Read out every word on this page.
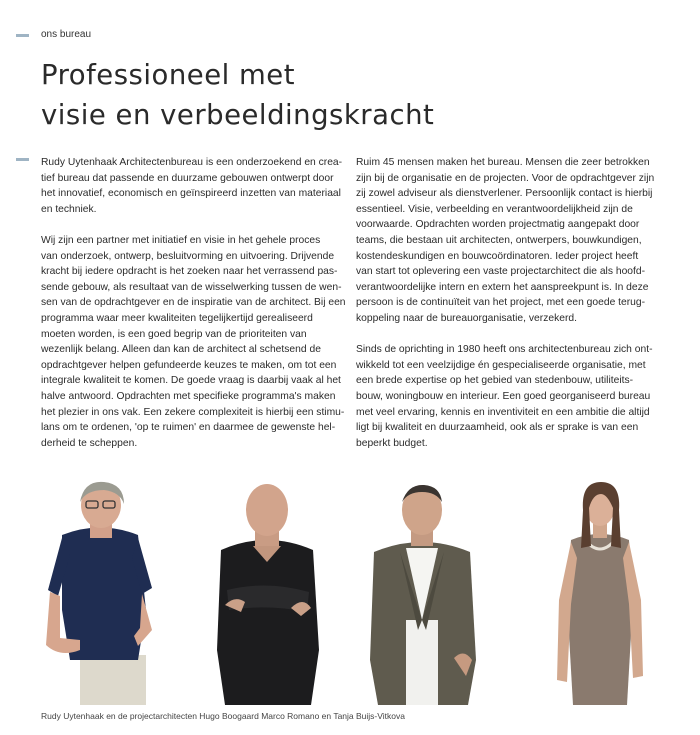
ons bureau
Professioneel met
visie en verbeeldingskracht
Rudy Uytenhaak Architectenbureau is een onderzoekend en crea-
tief bureau dat passende en duurzame gebouwen ontwerpt door
het innovatief, economisch en geïnspireerd inzetten van materiaal
en techniek.
Wij zijn een partner met initiatief en visie in het gehele proces
van onderzoek, ontwerp, besluitvorming en uitvoering. Drijvende
kracht bij iedere opdracht is het zoeken naar het verrassend pas-
sende gebouw, als resultaat van de wisselwerking tussen de wen-
sen van de opdrachtgever en de inspiratie van de architect. Bij een
programma waar meer kwaliteiten tegelijkertijd gerealiseerd
moeten worden, is een goed begrip van de prioriteiten van
wezenlijk belang. Alleen dan kan de architect al schetsend de
opdrachtgever helpen gefundeerde keuzes te maken, om tot een
integrale kwaliteit te komen. De goede vraag is daarbij vaak al het
halve antwoord. Opdrachten met specifieke programma's maken
het plezier in ons vak. Een zekere complexiteit is hierbij een stimu-
lans om te ordenen, 'op te ruimen' en daarmee de gewenste hel-
derheid te scheppen.
Ruim 45 mensen maken het bureau. Mensen die zeer betrokken
zijn bij de organisatie en de projecten. Voor de opdrachtgever zijn
zij zowel adviseur als dienstverlener. Persoonlijk contact is hierbij
essentieel. Visie, verbeelding en verantwoordelijkheid zijn de
voorwaarde. Opdrachten worden projectmatig aangepakt door
teams, die bestaan uit architecten, ontwerpers, bouwkundigen,
kostendeskundigen en bouwcoördinatoren. Ieder project heeft
van start tot oplevering een vaste projectarchitect die als hoofd-
verantwoordelijke intern en extern het aanspreekpunt is. In deze
persoon is de continuïteit van het project, met een goede terug-
koppeling naar de bureauorganisatie, verzekerd.
Sinds de oprichting in 1980 heeft ons architectenbureau zich ont-
wikkeld tot een veelzijdige én gespecialiseerde organisatie, met
een brede expertise op het gebied van stedenbouw, utiliteits-
bouw, woningbouw en interieur. Een goed georganiseerd bureau
met veel ervaring, kennis en inventiviteit en een ambitie die altijd
ligt bij kwaliteit en duurzaamheid, ook als er sprake is van een
beperkt budget.
Rudy Uytenhaak en de projectarchitecten Hugo Boogaard Marco Romano en Tanja Buijs-Vitkova
